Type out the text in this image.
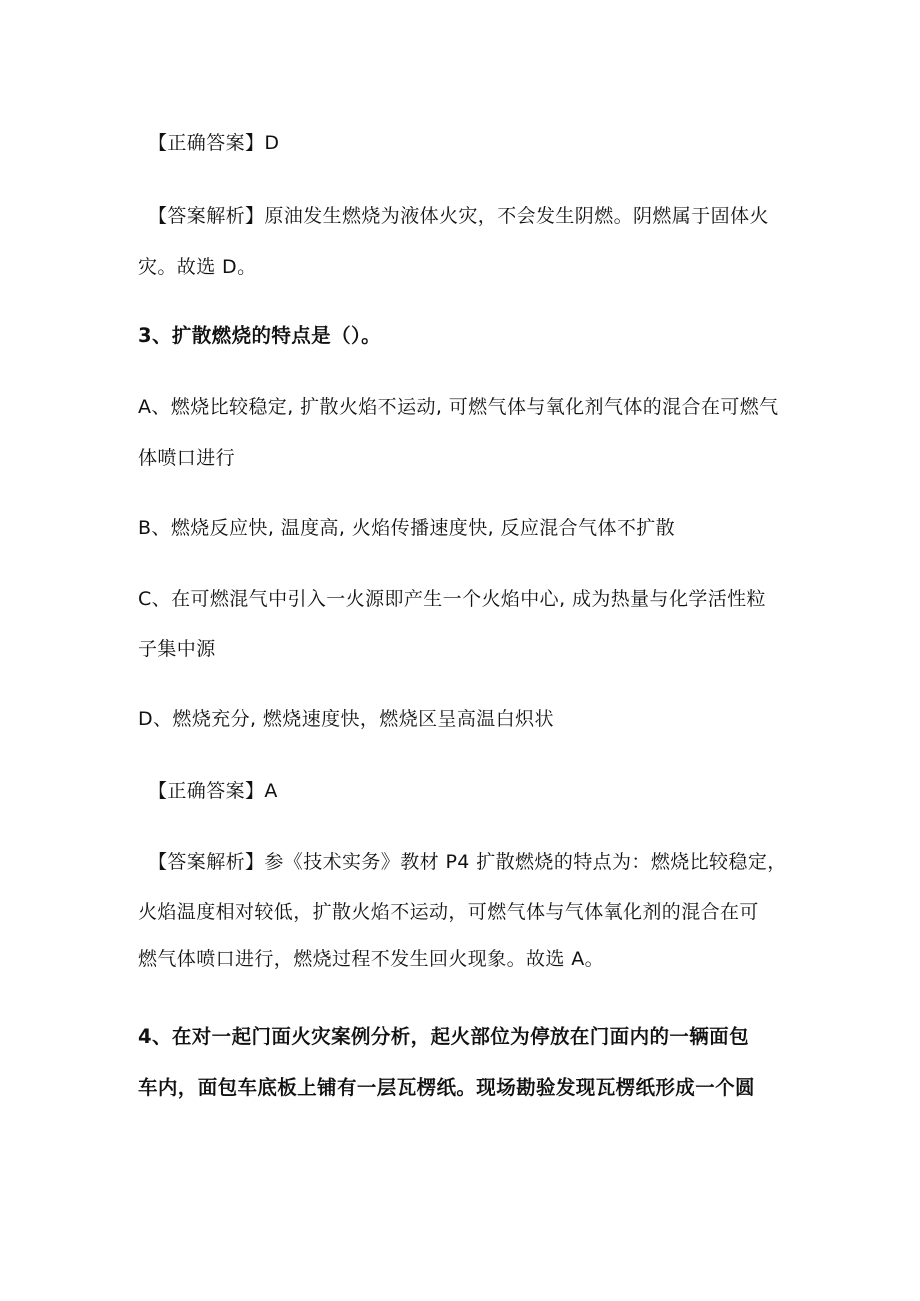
【正确答案】D
【答案解析】原油发生燃烧为液体火灾，不会发生阴燃。阴燃属于固体火
灾。故选 D。
3、扩散燃烧的特点是（）。
A、燃烧比较稳定, 扩散火焰不运动, 可燃气体与氧化剂气体的混合在可燃气
体喷口进行
B、燃烧反应快, 温度高, 火焰传播速度快, 反应混合气体不扩散
C、在可燃混气中引入一火源即产生一个火焰中心, 成为热量与化学活性粒
子集中源
D、燃烧充分, 燃烧速度快，燃烧区呈高温白炽状
【正确答案】A
【答案解析】参《技术实务》教材 P4 扩散燃烧的特点为：燃烧比较稳定，
火焰温度相对较低，扩散火焰不运动，可燃气体与气体氧化剂的混合在可
燃气体喷口进行，燃烧过程不发生回火现象。故选 A。
4、在对一起门面火灾案例分析，起火部位为停放在门面内的一辆面包
车内，面包车底板上铺有一层瓦楞纸。现场勘验发现瓦楞纸形成一个圆
